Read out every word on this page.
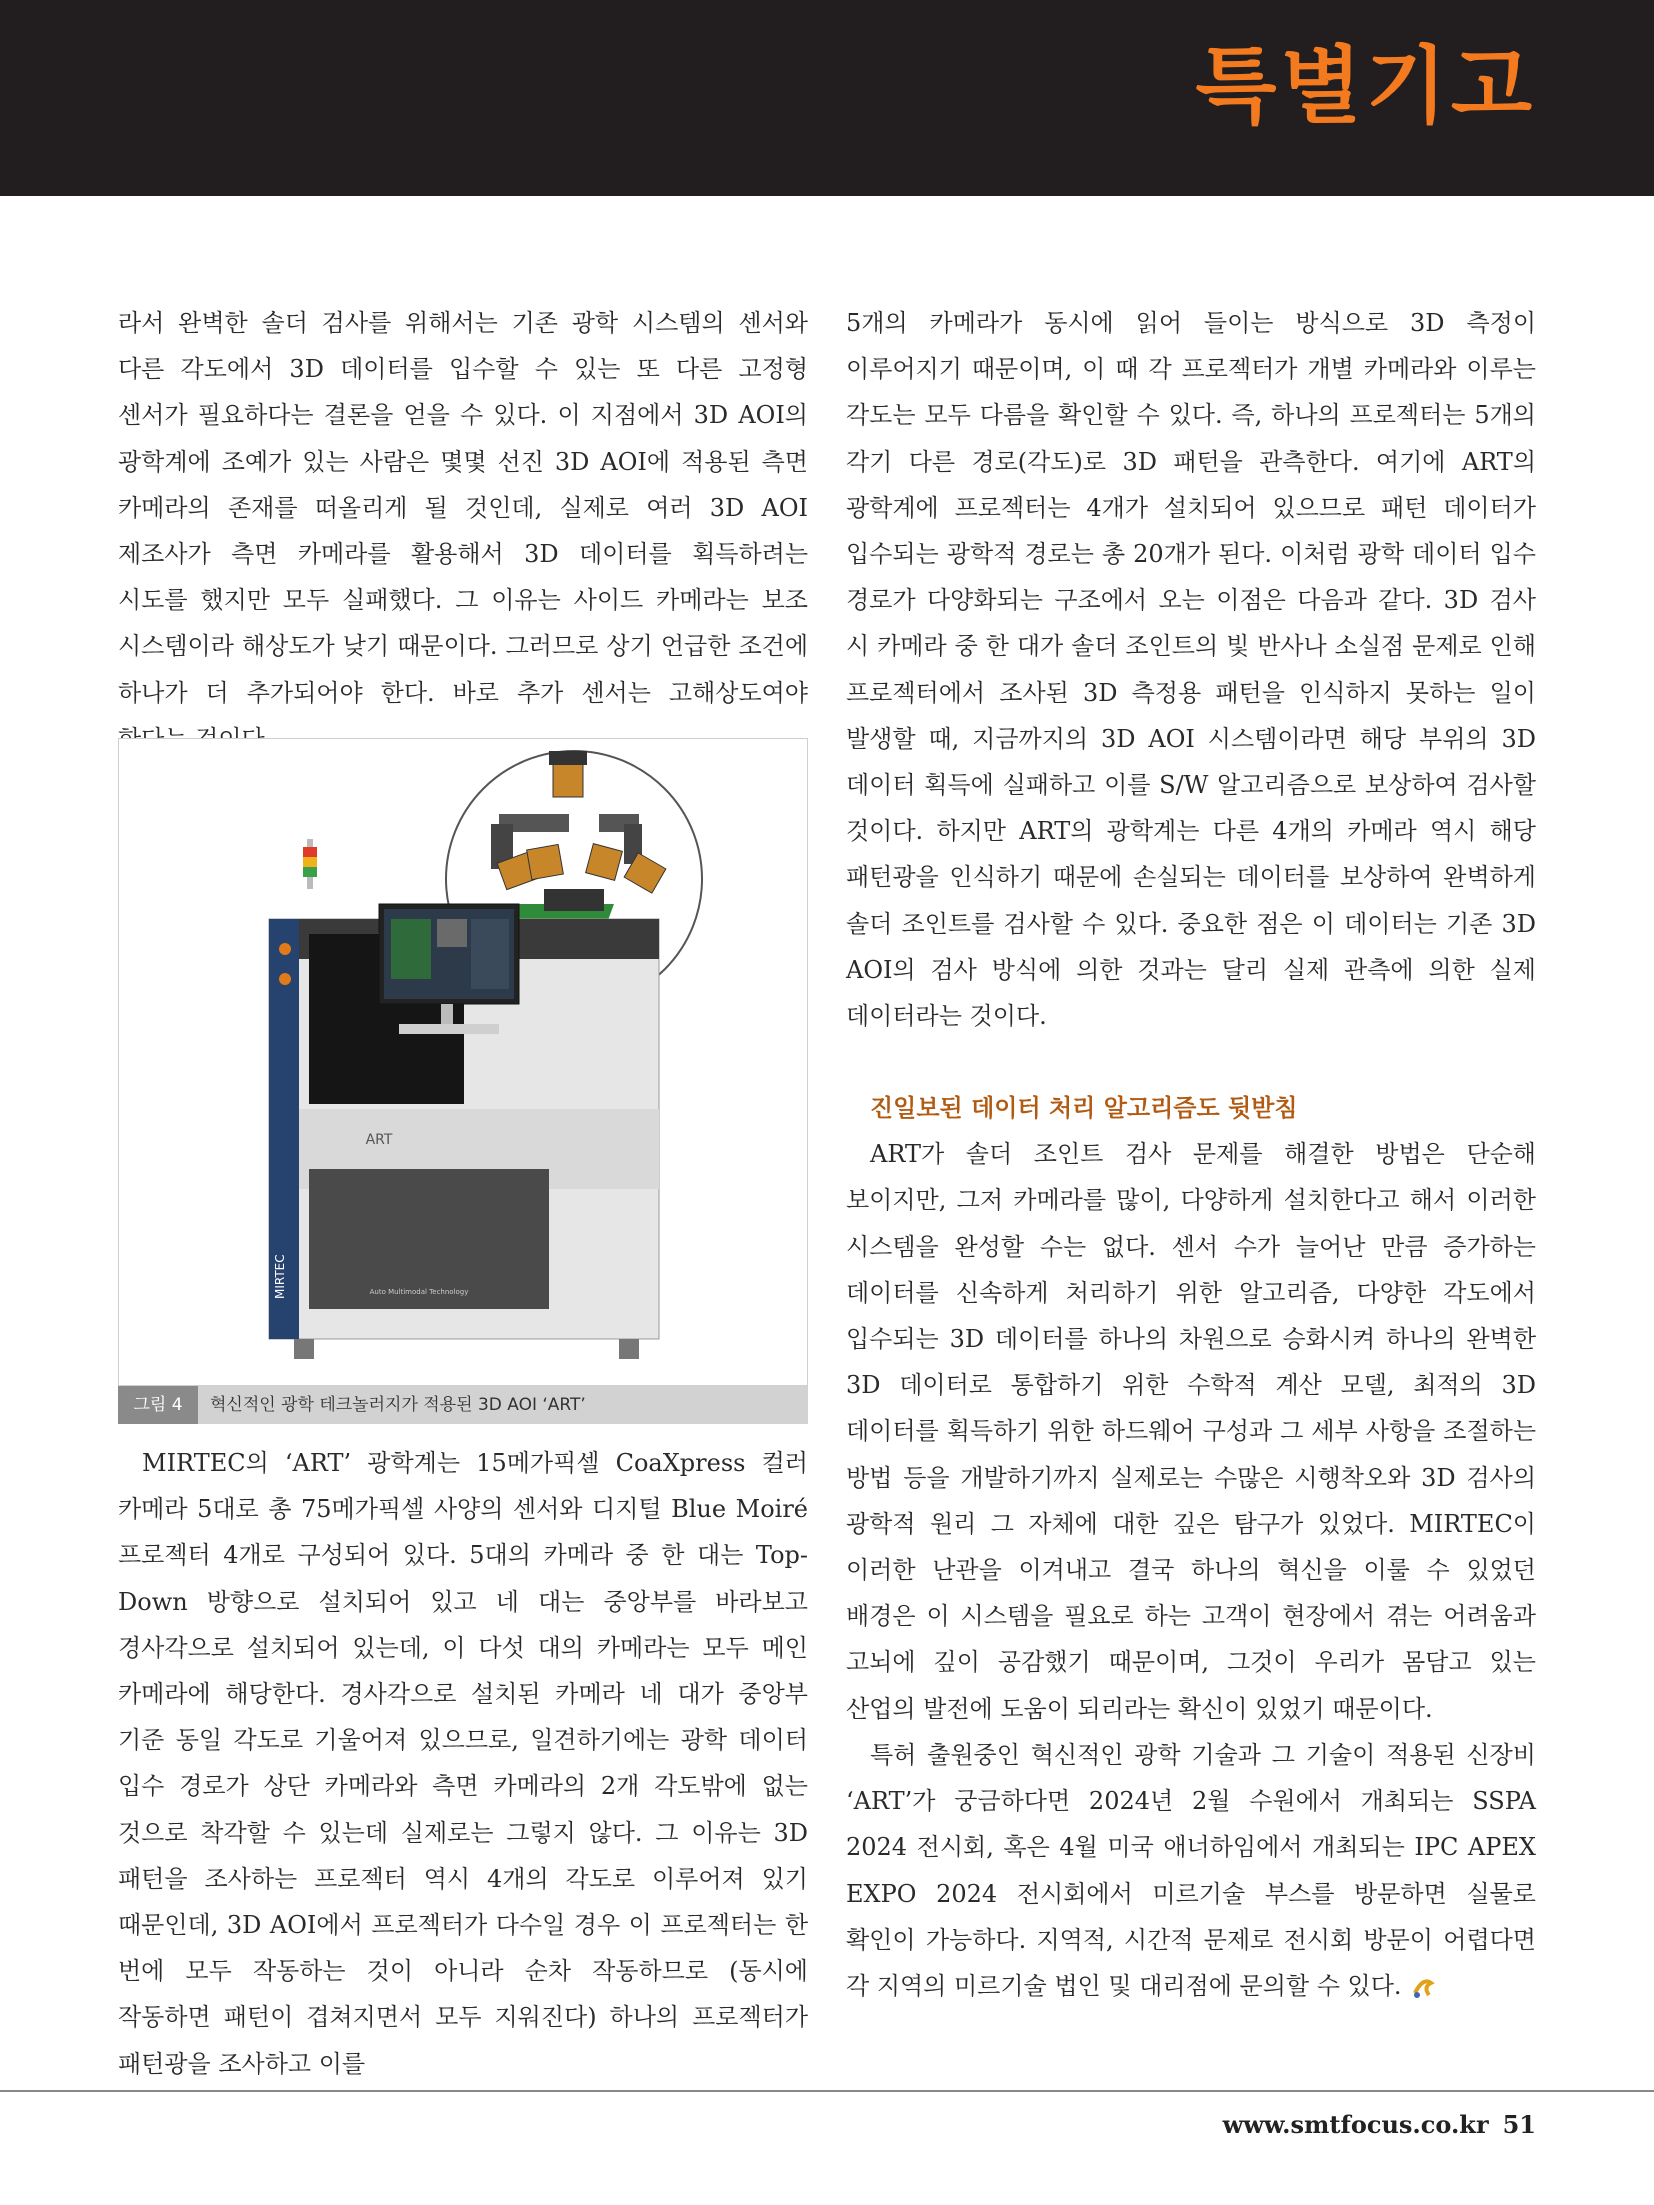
특별기고

라서 완벽한 솔더 검사를 위해서는 기존 광학 시스템의 센서와 다른 각도에서 3D 데이터를 입수할 수 있는 또 다른 고정형 센서가 필요하다는 결론을 얻을 수 있다. 이 지점에서 3D AOI의 광학계에 조예가 있는 사람은 몇몇 선진 3D AOI에 적용된 측면 카메라의 존재를 떠올리게 될 것인데, 실제로 여러 3D AOI 제조사가 측면 카메라를 활용해서 3D 데이터를 획득하려는 시도를 했지만 모두 실패했다. 그 이유는 사이드 카메라는 보조 시스템이라 해상도가 낮기 때문이다. 그러므로 상기 언급한 조건에 하나가 더 추가되어야 한다. 바로 추가 센서는 고해상도여야

ART
Auto Multimodal Technology
MIRTEC
그림 4	혁신적인 광학 테크놀러지가 적용된 3D AOI ‘ART’

MIRTEC의 ‘ART’ 광학계는 15메가픽셀 CoaXpress 컬러 카메라 5대로 총 75메가픽셀 사양의 센서와 디지털 Blue Moiré 프로젝터 4개로 구성되어 있다. 5대의 카메라 중 한 대는 Top-Down 방향으로 설치되어 있고 네 대는 중앙부를 바라보고 경사각으로 설치되어 있는데, 이 다섯 대의 카메라는 모두 메인 카메라에 해당한다. 경사각으로 설치된 카메라 네 대가 중앙부 기준 동일 각도로 기울어져 있으므로, 일견하기에는 광학 데이터 입수 경로가 상단 카메라와 측면 카메라의 2개 각도밖에 없는 것으로 착각할 수 있는데 실제로는 그렇지 않다. 그 이유는 3D 패턴을 조사하는 프로젝터 역시 4개의 각도로 이루어져 있기 때문인데, 3D AOI에서 프로젝터가 다수일 경우 이 프로젝터는 한 번에 모두 작동하는 것이 아니라 순차 작동하므로 (동시에 작동하면 패턴이 겹쳐지면서 모두 지워진다) 하나의 프로젝터가 패턴광을 조사하고 이를

5개의 카메라가 동시에 읽어 들이는 방식으로 3D 측정이 이루어지기 때문이며, 이 때 각 프로젝터가 개별 카메라와 이루는 각도는 모두 다름을 확인할 수 있다. 즉, 하나의 프로젝터는 5개의 각기 다른 경로(각도)로 3D 패턴을 관측한다. 여기에 ART의 광학계에 프로젝터는 4개가 설치되어 있으므로 패턴 데이터가 입수되는 광학적 경로는 총 20개가 된다. 이처럼 광학 데이터 입수 경로가 다양화되는 구조에서 오는 이점은 다음과 같다. 3D 검사 시 카메라 중 한 대가 솔더 조인트의 빛 반사나 소실점 문제로 인해 프로젝터에서 조사된 3D 측정용 패턴을 인식하지 못하는 일이 발생할 때, 지금까지의 3D AOI 시스템이라면 해당 부위의 3D 데이터 획득에 실패하고 이를 S/W 알고리즘으로 보상하여 검사할 것이다. 하지만 ART의 광학계는 다른 4개의 카메라 역시 해당 패턴광을 인식하기 때문에 손실되는 데이터를 보상하여 완벽하게 솔더 조인트를 검사할 수 있다. 중요한 점은 이 데이터는 기존 3D AOI의 검사 방식에 의한 것과는 달리 실제 관측에 의한 실제 데이터라는 것이다.

진일보된 데이터 처리 알고리즘도 뒷받침

ART가 솔더 조인트 검사 문제를 해결한 방법은 단순해 보이지만, 그저 카메라를 많이, 다양하게 설치한다고 해서 이러한 시스템을 완성할 수는 없다. 센서 수가 늘어난 만큼 증가하는 데이터를 신속하게 처리하기 위한 알고리즘, 다양한 각도에서 입수되는 3D 데이터를 하나의 차원으로 승화시켜 하나의 완벽한 3D 데이터로 통합하기 위한 수학적 계산 모델, 최적의 3D 데이터를 획득하기 위한 하드웨어 구성과 그 세부 사항을 조절하는 방법 등을 개발하기까지 실제로는 수많은 시행착오와 3D 검사의 광학적 원리 그 자체에 대한 깊은 탐구가 있었다. MIRTEC이 이러한 난관을 이겨내고 결국 하나의 혁신을 이룰 수 있었던 배경은 이 시스템을 필요로 하는 고객이 현장에서 겪는 어려움과 고뇌에 깊이 공감했기 때문이며, 그것이 우리가 몸담고 있는 산업의 발전에 도움이 되리라는 확신이 있었기 때문이다.

특허 출원중인 혁신적인 광학 기술과 그 기술이 적용된 신장비 ‘ART’가 궁금하다면 2024년 2월 수원에서 개최되는 SSPA 2024 전시회, 혹은 4월 미국 애너하임에서 개최되는 IPC APEX EXPO 2024 전시회에서 미르기술 부스를 방문하면 실물로 확인이 가능하다. 지역적, 시간적 문제로 전시회 방문이 어렵다면 각 지역의 미르기술 법인 및 대리점에 문의할 수 있다.

www.smtfocus.co.kr 51
